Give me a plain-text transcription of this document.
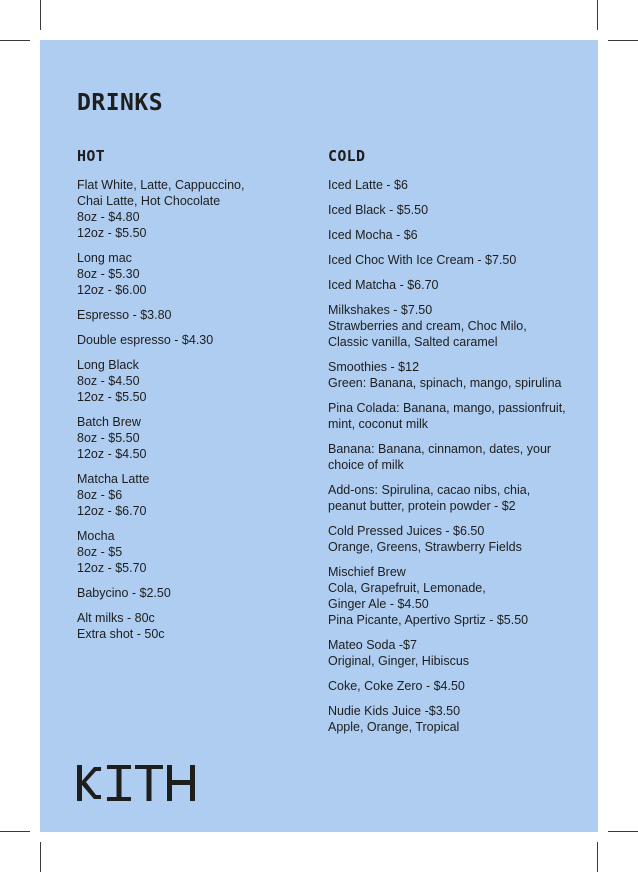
DRINKS
HOT
Flat White, Latte, Cappuccino,
Chai Latte, Hot Chocolate
8oz - $4.80
12oz - $5.50
Long mac
8oz - $5.30
12oz - $6.00
Espresso - $3.80
Double espresso - $4.30
Long Black
8oz - $4.50
12oz - $5.50
Batch Brew
8oz - $5.50
12oz - $4.50
Matcha Latte
8oz - $6
12oz - $6.70
Mocha
8oz - $5
12oz - $5.70
Babycino - $2.50
Alt milks - 80c
Extra shot - 50c
COLD
Iced Latte - $6
Iced Black - $5.50
Iced Mocha - $6
Iced Choc With Ice Cream - $7.50
Iced Matcha - $6.70
Milkshakes - $7.50
Strawberries and cream, Choc Milo,
Classic vanilla, Salted caramel
Smoothies - $12
Green: Banana, spinach, mango, spirulina
Pina Colada: Banana, mango, passionfruit,
mint, coconut milk
Banana: Banana, cinnamon, dates, your
choice of milk
Add-ons: Spirulina, cacao nibs, chia,
peanut butter, protein powder - $2
Cold Pressed Juices - $6.50
Orange, Greens, Strawberry Fields
Mischief Brew
Cola, Grapefruit, Lemonade,
Ginger Ale - $4.50
Pina Picante, Apertivo Sprtiz - $5.50
Mateo Soda -$7
Original, Ginger, Hibiscus
Coke, Coke Zero - $4.50
Nudie Kids Juice -$3.50
Apple, Orange, Tropical
